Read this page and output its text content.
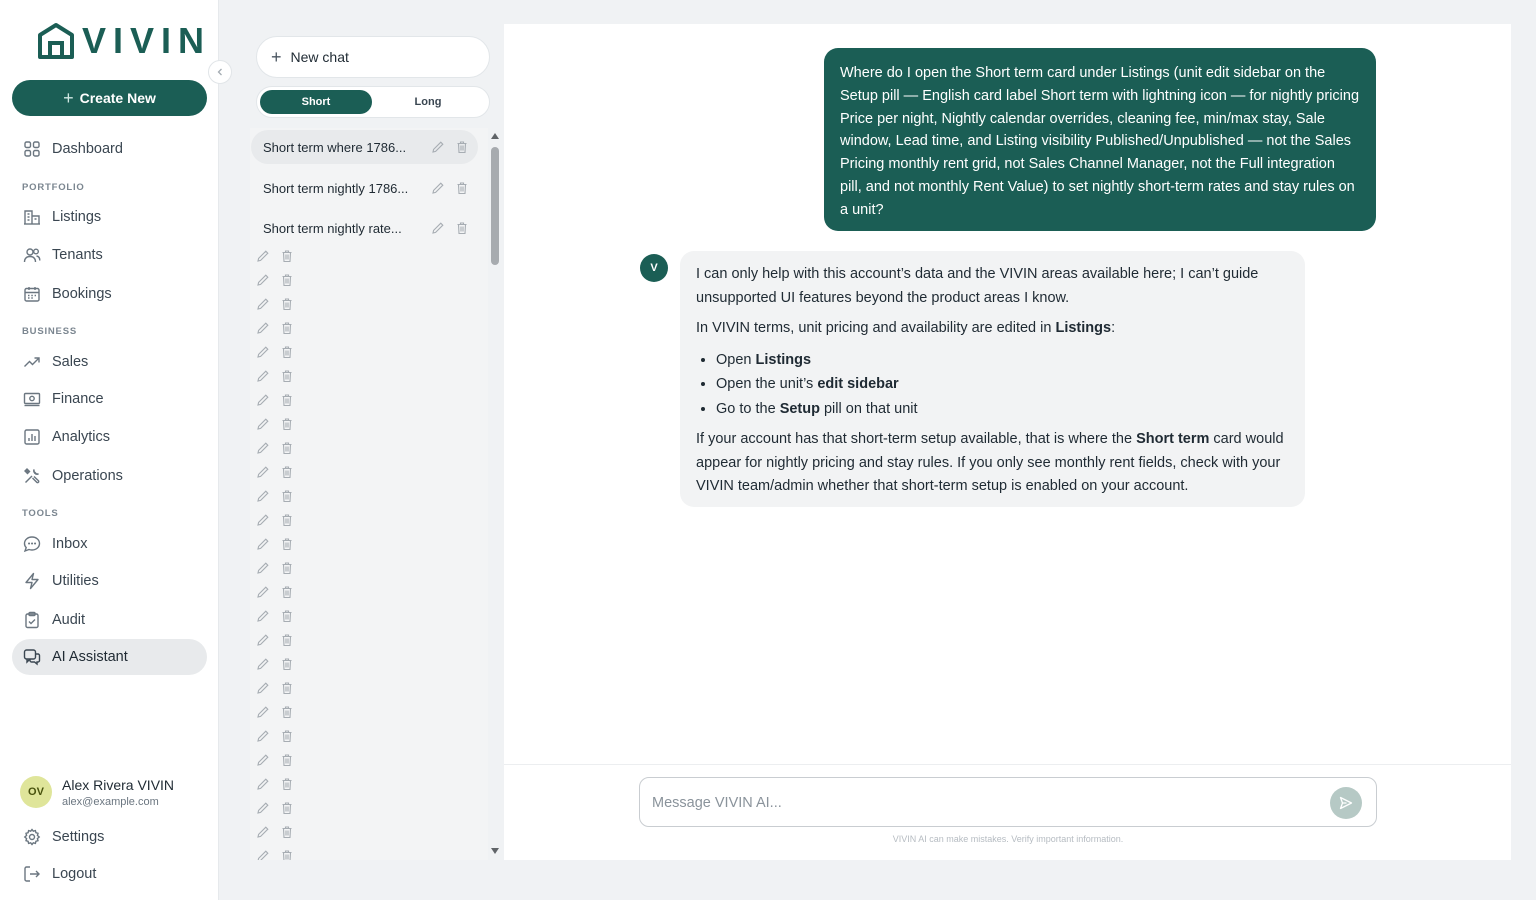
VIVIN
+ Create New
Dashboard
PORTFOLIO
Listings
Tenants
Bookings
BUSINESS
Sales
Finance
Analytics
Operations
TOOLS
Inbox
Utilities
Audit
AI Assistant
OV	Alex Rivera VIVIN
alex@example.com
Settings
Logout
+ New chat
Short	Long
Short term where 1786...
Short term nightly 1786...
Short term nightly rate...
Where do I open the Short term card under Listings (unit edit sidebar on the Setup pill — English card label Short term with lightning icon — for nightly pricing Price per night, Nightly calendar overrides, cleaning fee, min/max stay, Sale window, Lead time, and Listing visibility Published/Unpublished — not the Sales Pricing monthly rent grid, not Sales Channel Manager, not the Full integration pill, and not monthly Rent Value) to set nightly short-term rates and stay rules on a unit?
V	I can only help with this account’s data and the VIVIN areas available here; I can’t guide unsupported UI features beyond the product areas I know.

In VIVIN terms, unit pricing and availability are edited in Listings:

• Open Listings
• Open the unit’s edit sidebar
• Go to the Setup pill on that unit

If your account has that short-term setup available, that is where the Short term card would appear for nightly pricing and stay rules. If you only see monthly rent fields, check with your VIVIN team/admin whether that short-term setup is enabled on your account.

Message VIVIN AI...
VIVIN AI can make mistakes. Verify important information.
